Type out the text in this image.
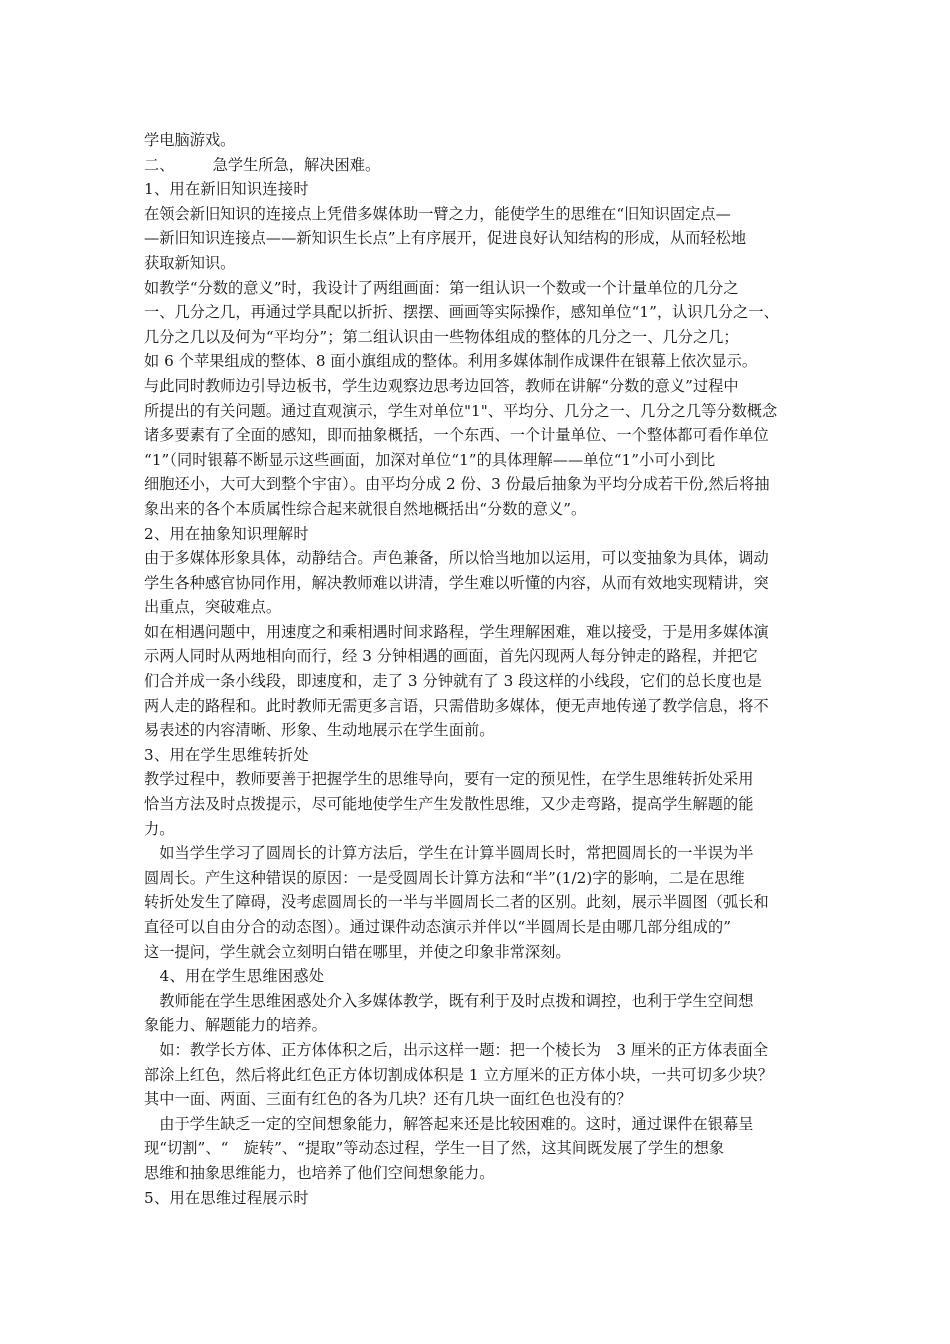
学电脑游戏。
二、　　　急学生所急，解决困难。
1、用在新旧知识连接时
在领会新旧知识的连接点上凭借多媒体助一臂之力，能使学生的思维在“旧知识固定点—
—新旧知识连接点——新知识生长点”上有序展开，促进良好认知结构的形成，从而轻松地
获取新知识。
如教学“分数的意义”时，我设计了两组画面：第一组认识一个数或一个计量单位的几分之
一、几分之几，再通过学具配以折折、摆摆、画画等实际操作，感知单位“1”，认识几分之一、
几分之几以及何为“平均分”；第二组认识由一些物体组成的整体的几分之一、几分之几；
如 6 个苹果组成的整体、8 面小旗组成的整体。利用多媒体制作成课件在银幕上依次显示。
与此同时教师边引导边板书，学生边观察边思考边回答，教师在讲解“分数的意义”过程中
所提出的有关问题。通过直观演示，学生对单位"1"、平均分、几分之一、几分之几等分数概念
诸多要素有了全面的感知，即而抽象概括，一个东西、一个计量单位、一个整体都可看作单位
“1”（同时银幕不断显示这些画面，加深对单位“1”的具体理解——单位“1”小可小到比
细胞还小，大可大到整个宇宙）。由平均分成 2 份、3 份最后抽象为平均分成若干份,然后将抽
象出来的各个本质属性综合起来就很自然地概括出“分数的意义”。
2、用在抽象知识理解时
由于多媒体形象具体，动静结合。声色兼备，所以恰当地加以运用，可以变抽象为具体，调动
学生各种感官协同作用，解决教师难以讲清，学生难以听懂的内容，从而有效地实现精讲，突
出重点，突破难点。
如在相遇问题中，用速度之和乘相遇时间求路程，学生理解困难，难以接受，于是用多媒体演
示两人同时从两地相向而行，经 3 分钟相遇的画面，首先闪现两人每分钟走的路程，并把它
们合并成一条小线段，即速度和，走了 3 分钟就有了 3 段这样的小线段，它们的总长度也是
两人走的路程和。此时教师无需更多言语，只需借助多媒体，便无声地传递了教学信息，将不
易表述的内容清晰、形象、生动地展示在学生面前。
3、用在学生思维转折处
教学过程中，教师要善于把握学生的思维导向，要有一定的预见性，在学生思维转折处采用
恰当方法及时点拨提示，尽可能地使学生产生发散性思维，又少走弯路，提高学生解题的能
力。
　如当学生学习了圆周长的计算方法后，学生在计算半圆周长时，常把圆周长的一半误为半
圆周长。产生这种错误的原因：一是受圆周长计算方法和“半”(1/2)字的影响，二是在思维
转折处发生了障碍，没考虑圆周长的一半与半圆周长二者的区别。此刻，展示半圆图（弧长和
直径可以自由分合的动态图）。通过课件动态演示并伴以“半圆周长是由哪几部分组成的”
这一提问，学生就会立刻明白错在哪里，并使之印象非常深刻。
　4、用在学生思维困惑处
　教师能在学生思维困惑处介入多媒体教学，既有利于及时点拨和调控，也利于学生空间想
象能力、解题能力的培养。
　如：教学长方体、正方体体积之后，出示这样一题：把一个棱长为　3 厘米的正方体表面全
部涂上红色，然后将此红色正方体切割成体积是 1 立方厘米的正方体小块，一共可切多少块？
其中一面、两面、三面有红色的各为几块？还有几块一面红色也没有的？
　由于学生缺乏一定的空间想象能力，解答起来还是比较困难的。这时，通过课件在银幕呈
现“切割”、“　旋转”、“提取”等动态过程，学生一目了然，这其间既发展了学生的想象
思维和抽象思维能力，也培养了他们空间想象能力。
5、用在思维过程展示时
